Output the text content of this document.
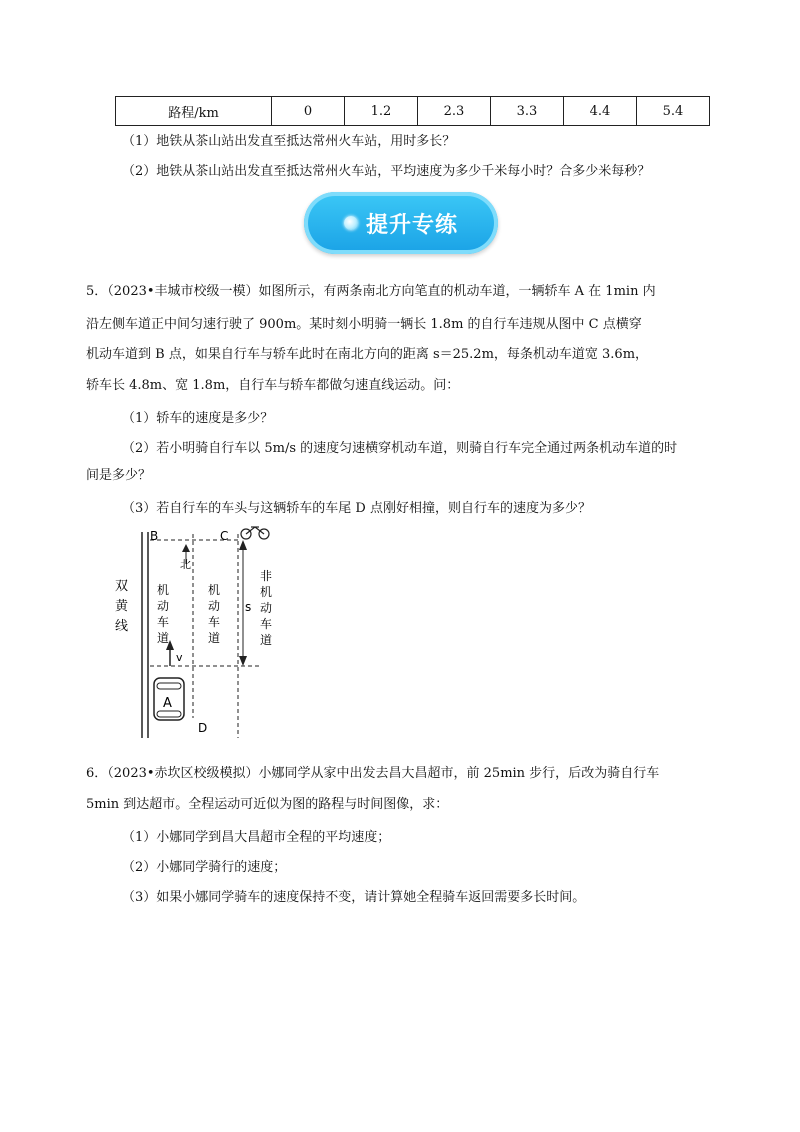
路程/km	0	1.2	2.3	3.3	4.4	5.4
（1）地铁从茶山站出发直至抵达常州火车站，用时多长？
（2）地铁从茶山站出发直至抵达常州火车站，平均速度为多少千米每小时？合多少米每秒？
提升专练
5．（2023•丰城市校级一模）如图所示，有两条南北方向笔直的机动车道，一辆轿车 A 在 1min 内
沿左侧车道正中间匀速行驶了 900m。某时刻小明骑一辆长 1.8m 的自行车违规从图中 C 点横穿
机动车道到 B 点，如果自行车与轿车此时在南北方向的距离 s＝25.2m，每条机动车道宽 3.6m，
轿车长 4.8m、宽 1.8m，自行车与轿车都做匀速直线运动。问：
（1）轿车的速度是多少？
（2）若小明骑自行车以 5m/s 的速度匀速横穿机动车道，则骑自行车完全通过两条机动车道的时
间是多少？
（3）若自行车的车头与这辆轿车的车尾 D 点刚好相撞，则自行车的速度为多少？
B	C
D
A
s
v
北
双
黄
线
机
动
车
道
机
动
车
道
非
机
动
车
道
6．（2023•赤坎区校级模拟）小娜同学从家中出发去昌大昌超市，前 25min 步行，后改为骑自行车
5min 到达超市。全程运动可近似为图的路程与时间图像，求：
（1）小娜同学到昌大昌超市全程的平均速度；
（2）小娜同学骑行的速度；
（3）如果小娜同学骑车的速度保持不变，请计算她全程骑车返回需要多长时间。
